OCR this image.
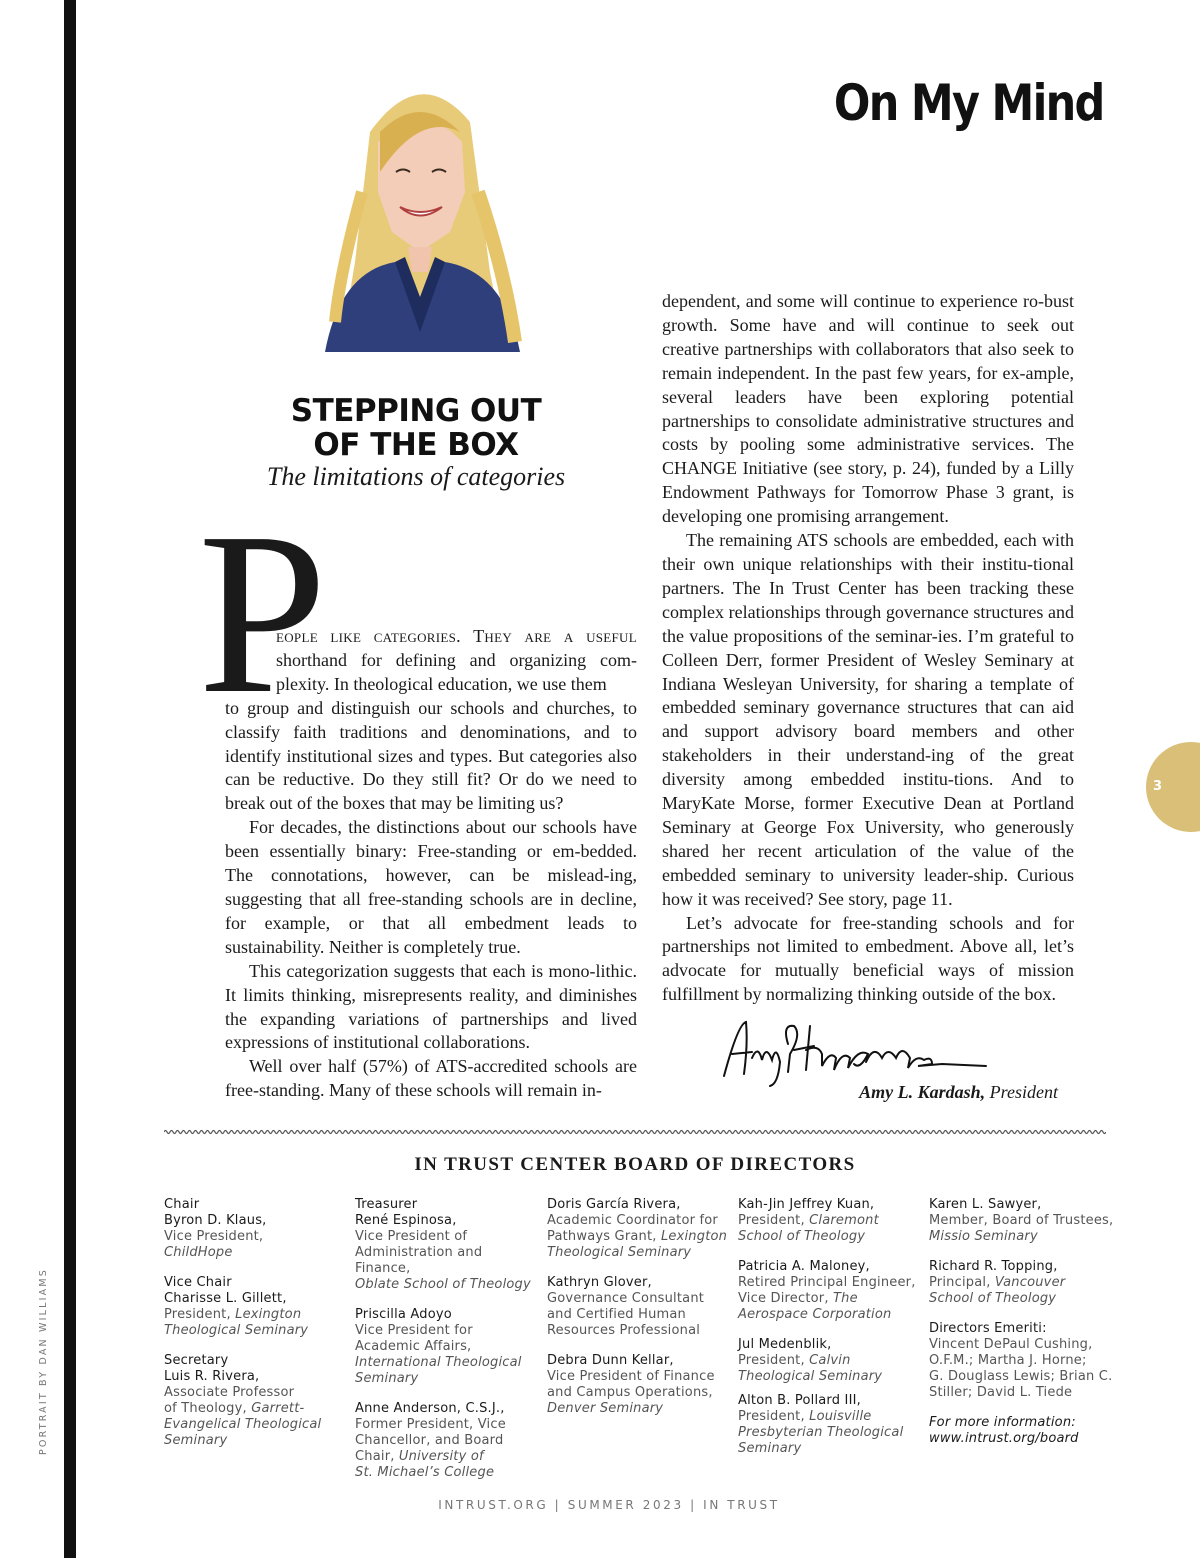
On My Mind
STEPPING OUT
OF THE BOX
The limitations of categories
P

eople like categories. They are a useful shorthand for defining and organizing com-plexity. In theological education, we use them

to group and distinguish our schools and churches, to classify faith traditions and denominations, and to identify institutional sizes and types. But categories also can be reductive. Do they still fit? Or do we need to break out of the boxes that may be limiting us?

For decades, the distinctions about our schools have been essentially binary: Free-standing or em-bedded. The connotations, however, can be mislead-ing, suggesting that all free-standing schools are in decline, for example, or that all embedment leads to sustainability. Neither is completely true.

This categorization suggests that each is mono-lithic. It limits thinking, misrepresents reality, and diminishes the expanding variations of partnerships and lived expressions of institutional collaborations.

Well over half (57%) of ATS-accredited schools are free-standing. Many of these schools will remain in-

dependent, and some will continue to experience ro-bust growth. Some have and will continue to seek out creative partnerships with collaborators that also seek to remain independent. In the past few years, for ex-ample, several leaders have been exploring potential partnerships to consolidate administrative structures and costs by pooling some administrative services. The CHANGE Initiative (see story, p. 24), funded by a Lilly Endowment Pathways for Tomorrow Phase 3 grant, is developing one promising arrangement.

The remaining ATS schools are embedded, each with their own unique relationships with their institu-tional partners. The In Trust Center has been tracking these complex relationships through governance structures and the value propositions of the seminar-ies. I’m grateful to Colleen Derr, former President of Wesley Seminary at Indiana Wesleyan University, for sharing a template of embedded seminary governance structures that can aid and support advisory board members and other stakeholders in their understand-ing of the great diversity among embedded institu-tions. And to MaryKate Morse, former Executive Dean at Portland Seminary at George Fox University, who generously shared her recent articulation of the value of the embedded seminary to university leader-ship. Curious how it was received? See story, page 11.

Let’s advocate for free-standing schools and for partnerships not limited to embedment. Above all, let’s advocate for mutually beneficial ways of mission fulfillment by normalizing thinking outside of the box.

Amy L Kardash
Amy L. Kardash, President
IN TRUST CENTER BOARD OF DIRECTORS
Chair
Byron D. Klaus,
Vice President,
ChildHope
Vice Chair
Charisse L. Gillett,
President, Lexington
Theological Seminary
Secretary
Luis R. Rivera,
Associate Professor
of Theology, Garrett-
Evangelical Theological
Seminary
Treasurer
René Espinosa,
Vice President of
Administration and Finance,
Oblate School of Theology
Priscilla Adoyo
Vice President for
Academic Affairs,
International Theological
Seminary
Anne Anderson, C.S.J.,
Former President, Vice
Chancellor, and Board
Chair, University of
St. Michael’s College
Doris García Rivera,
Academic Coordinator for
Pathways Grant, Lexington
Theological Seminary
Kathryn Glover,
Governance Consultant
and Certified Human
Resources Professional
Debra Dunn Kellar,
Vice President of Finance
and Campus Operations,
Denver Seminary
Kah-Jin Jeffrey Kuan,
President, Claremont
School of Theology
Patricia A. Maloney,
Retired Principal Engineer,
Vice Director, The
Aerospace Corporation
Jul Medenblik,
President, Calvin
Theological Seminary
Alton B. Pollard III,
President, Louisville
Presbyterian Theological
Seminary
Karen L. Sawyer,
Member, Board of Trustees,
Missio Seminary
Richard R. Topping,
Principal, Vancouver
School of Theology
Directors Emeriti:
Vincent DePaul Cushing,
O.F.M.; Martha J. Horne;
G. Douglass Lewis; Brian C.
Stiller; David L. Tiede
For more information:
www.intrust.org/board
PORTRAIT BY DAN WILLIAMS
3
INTRUST.ORG | SUMMER 2023 | IN TRUST
